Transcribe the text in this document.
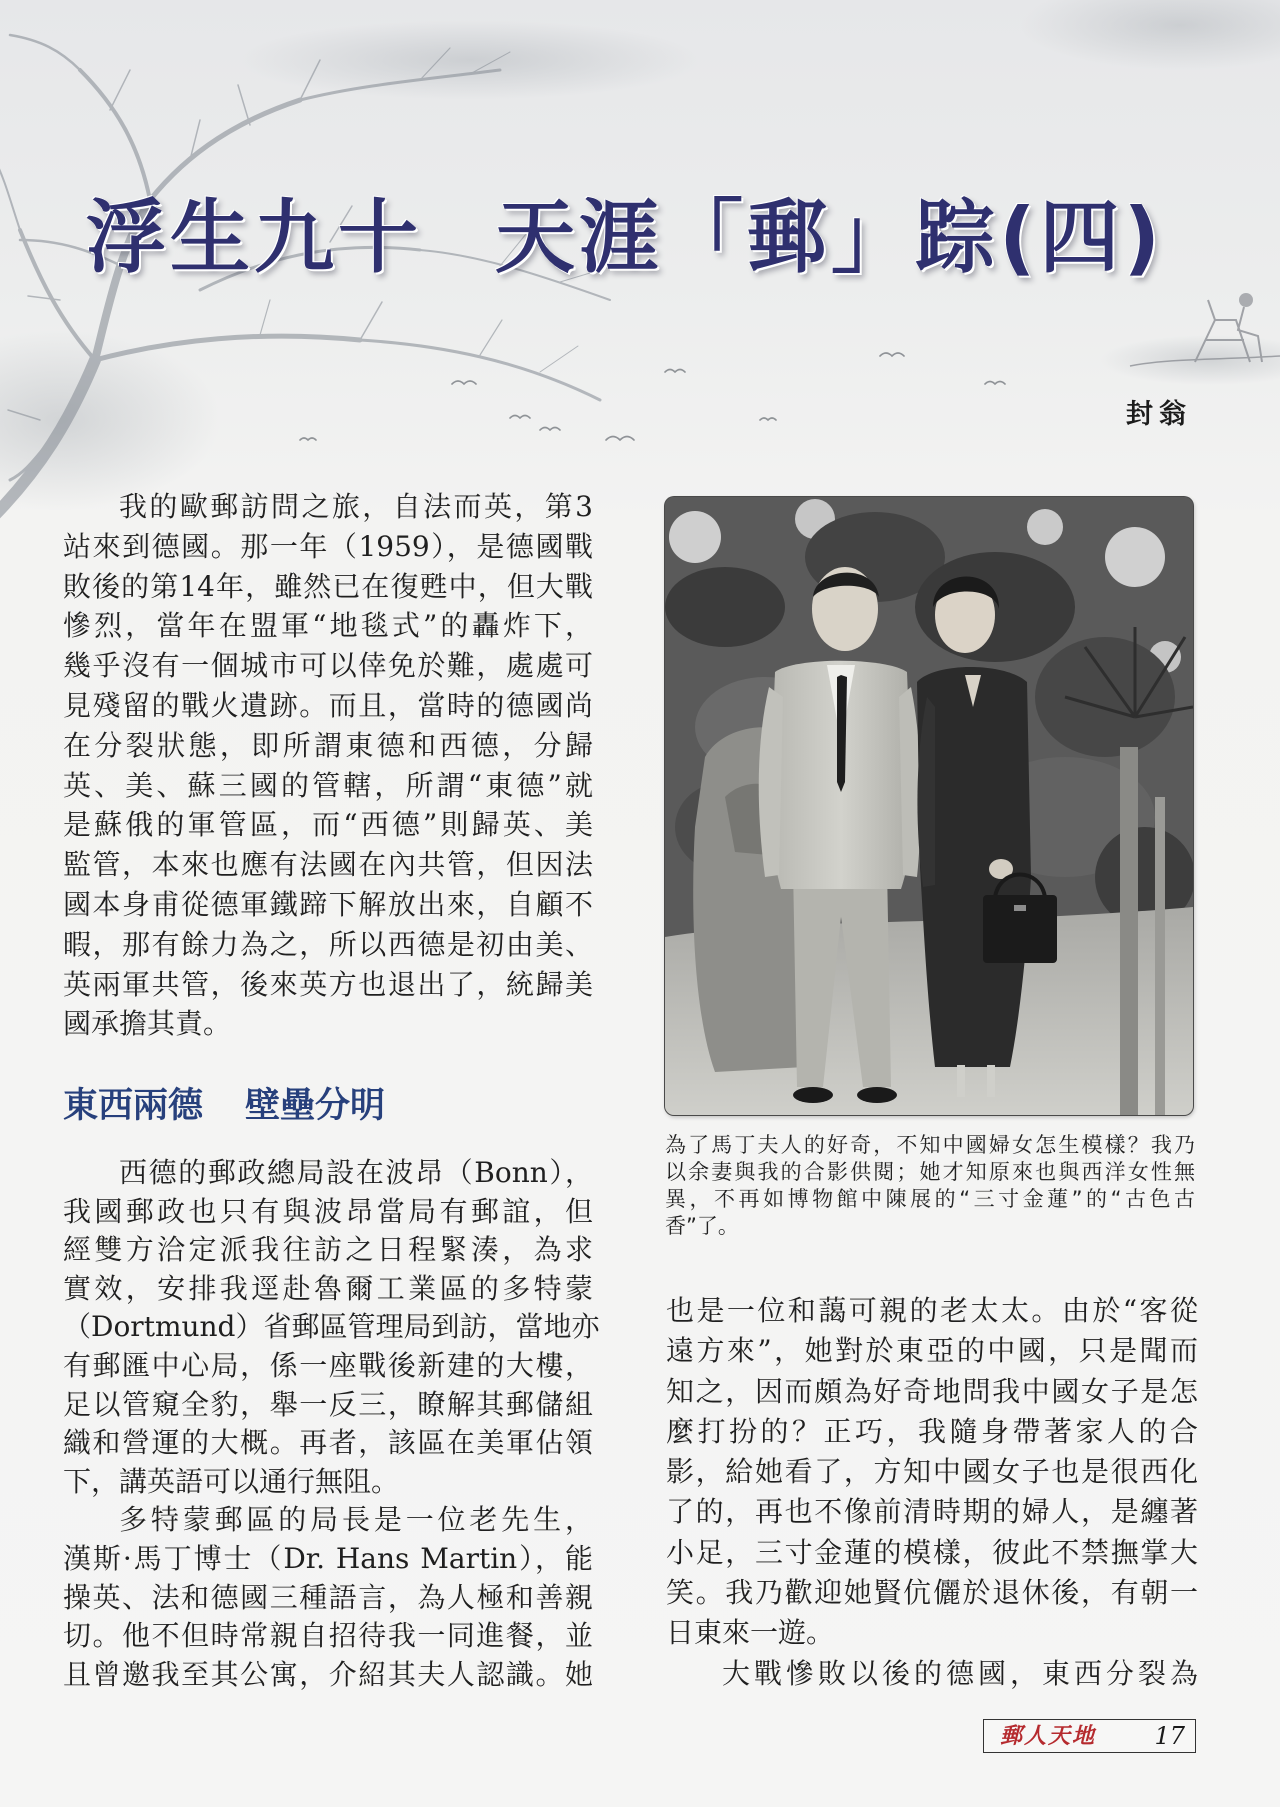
浮生九十 天涯「郵」踪(四)
封翁
我的歐郵訪問之旅，自法而英，第3
站來到德國。那一年（1959），是德國戰
敗後的第14年，雖然已在復甦中，但大戰
慘烈，當年在盟軍“地毯式”的轟炸下，
幾乎沒有一個城市可以倖免於難，處處可
見殘留的戰火遺跡。而且，當時的德國尚
在分裂狀態，即所謂東德和西德，分歸
英、美、蘇三國的管轄，所謂“東德”就
是蘇俄的軍管區，而“西德”則歸英、美
監管，本來也應有法國在內共管，但因法
國本身甫從德軍鐵蹄下解放出來，自顧不
暇，那有餘力為之，所以西德是初由美、
英兩軍共管，後來英方也退出了，統歸美
國承擔其責。
東西兩德 壁壘分明
西德的郵政總局設在波昂（Bonn），
我國郵政也只有與波昂當局有郵誼，但
經雙方洽定派我往訪之日程緊湊，為求
實效，安排我逕赴魯爾工業區的多特蒙
（Dortmund）省郵區管理局到訪，當地亦
有郵匯中心局，係一座戰後新建的大樓，
足以管窺全豹，舉一反三，瞭解其郵儲組
織和營運的大概。再者，該區在美軍佔領
下，講英語可以通行無阻。
多特蒙郵區的局長是一位老先生，
漢斯·馬丁博士（Dr. Hans Martin），能
操英、法和德國三種語言，為人極和善親
切。他不但時常親自招待我一同進餐，並
且曾邀我至其公寓，介紹其夫人認識。她
為了馬丁夫人的好奇，不知中國婦女怎生模樣？我乃
以余妻與我的合影供閱；她才知原來也與西洋女性無
異，不再如博物館中陳展的“三寸金蓮”的“古色古
香”了。
也是一位和藹可親的老太太。由於“客從
遠方來”，她對於東亞的中國，只是聞而
知之，因而頗為好奇地問我中國女子是怎
麼打扮的？正巧，我隨身帶著家人的合
影，給她看了，方知中國女子也是很西化
了的，再也不像前清時期的婦人，是纏著
小足，三寸金蓮的模樣，彼此不禁撫掌大
笑。我乃歡迎她賢伉儷於退休後，有朝一
日東來一遊。
大戰慘敗以後的德國，東西分裂為
郵人天地 17
